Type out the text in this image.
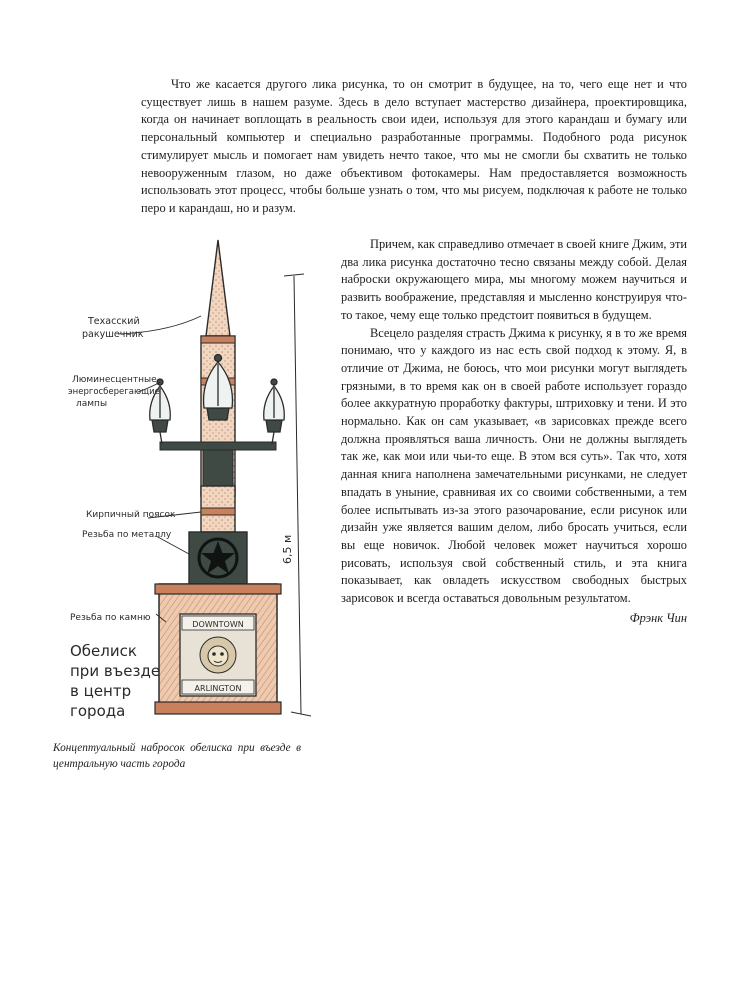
Что же касается другого лика рисунка, то он смотрит в будущее, на то, чего еще нет и что существует лишь в нашем разуме. Здесь в дело вступает мастерство дизайнера, проектировщика, когда он начинает воплощать в реальность свои идеи, используя для этого карандаш и бумагу или персональный компьютер и специально разработанные программы. Подобного рода рисунок стимулирует мысль и помогает нам увидеть нечто такое, что мы не смогли бы схватить не только невооруженным глазом, но даже объективом фотокамеры. Нам предоставляется возможность использовать этот процесс, чтобы больше узнать о том, что мы рисуем, подключая к работе не только перо и карандаш, но и разум.

DOWNTOWN
ARLINGTON
6,5 м
Техасский
ракушечник
Люминесцентные
энергосберегающие
лампы
Кирпичный поясок
Резьба по металлу
Резьба по камню
Обелиск
при въезде
в центр
города

Причем, как справедливо отмечает в своей книге Джим, эти два лика рисунка достаточно тесно связаны между собой. Делая наброски окружающего мира, мы многому можем научиться и развить воображение, представляя и мысленно конструируя что-то такое, чему еще только предстоит появиться в будущем.

Всецело разделяя страсть Джима к рисунку, я в то же время понимаю, что у каждого из нас есть свой подход к этому. Я, в отличие от Джима, не боюсь, что мои рисунки могут выглядеть грязными, в то время как он в своей работе использует гораздо более аккуратную проработку фактуры, штриховку и тени. И это нормально. Как он сам указывает, «в зарисовках прежде всего должна проявляться ваша личность. Они не должны выглядеть так же, как мои или чьи-то еще. В этом вся суть». Так что, хотя данная книга наполнена замечательными рисунками, не следует впадать в уныние, сравнивая их со своими собственными, а тем более испытывать из-за этого разочарование, если рисунок или дизайн уже является вашим делом, либо бросать учиться, если вы еще новичок. Любой человек может научиться хорошо рисовать, используя свой собственный стиль, и эта книга показывает, как овладеть искусством свободных быстрых зарисовок и всегда оставаться довольным результатом.

Фрэнк Чин

Концептуальный набросок обелиска при въезде в центральную часть города
